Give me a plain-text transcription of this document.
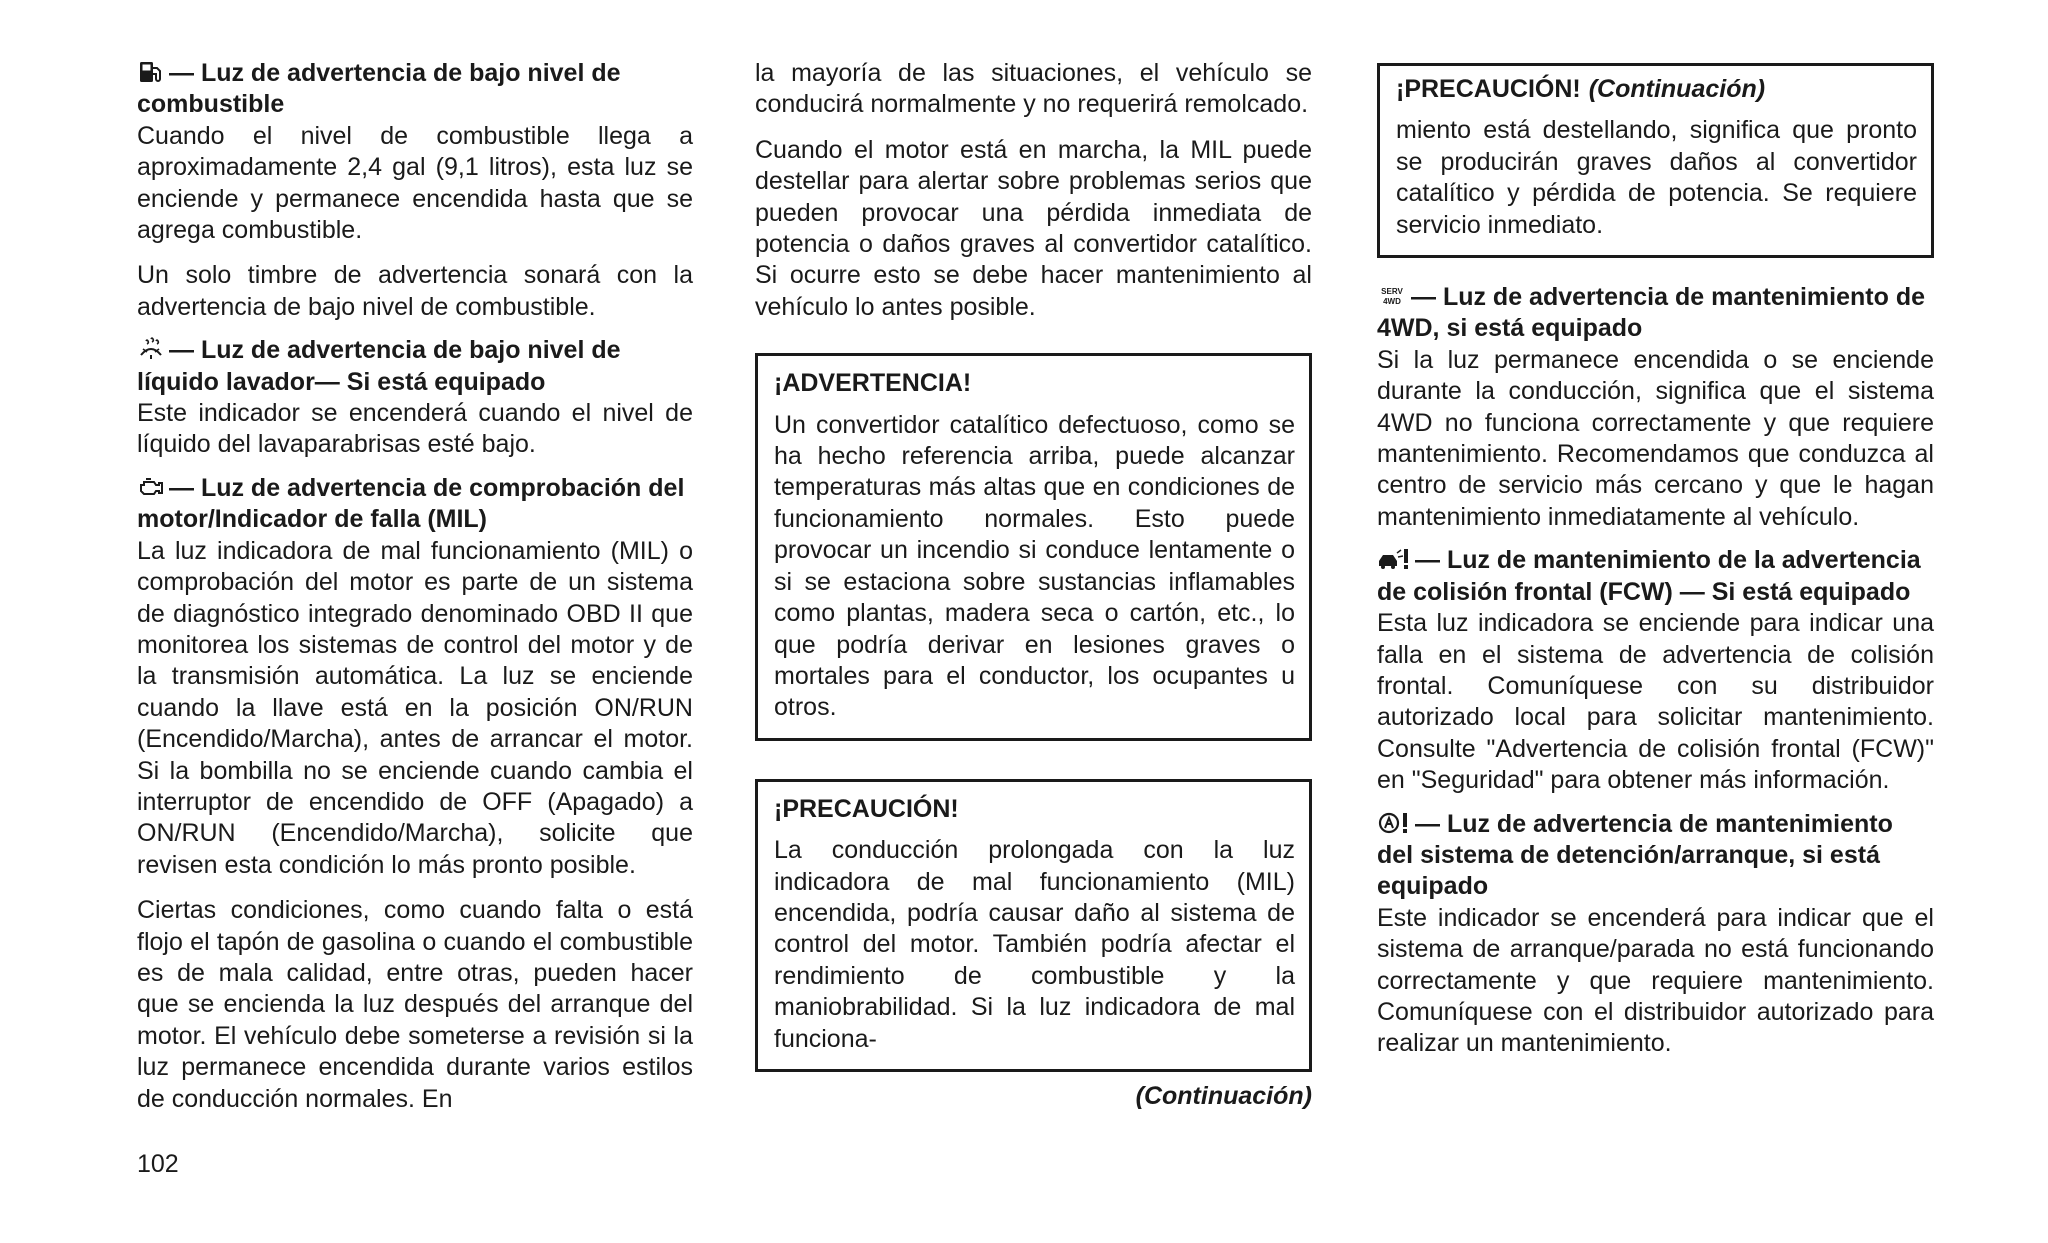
— Luz de advertencia de bajo nivel de combustible

Cuando el nivel de combustible llega a aproximadamente 2,4 gal (9,1 litros), esta luz se enciende y permanece encendida hasta que se agrega combustible.

Un solo timbre de advertencia sonará con la advertencia de bajo nivel de combustible.

— Luz de advertencia de bajo nivel de líquido lavador— Si está equipado

Este indicador se encenderá cuando el nivel de líquido del lavaparabrisas esté bajo.

— Luz de advertencia de comprobación del motor/Indicador de falla (MIL)

La luz indicadora de mal funcionamiento (MIL) o comprobación del motor es parte de un sistema de diagnóstico integrado denominado OBD II que monitorea los sistemas de control del motor y de la transmisión automática. La luz se enciende cuando la llave está en la posición ON/RUN (Encendido/Marcha), antes de arrancar el motor. Si la bombilla no se enciende cuando cambia el interruptor de encendido de OFF (Apagado) a ON/RUN (Encendido/Marcha), solicite que revisen esta condición lo más pronto posible.

Ciertas condiciones, como cuando falta o está flojo el tapón de gasolina o cuando el combustible es de mala calidad, entre otras, pueden hacer que se encienda la luz después del arranque del motor. El vehículo debe someterse a revisión si la luz permanece encendida durante varios estilos de conducción normales. En

la mayoría de las situaciones, el vehículo se conducirá normalmente y no requerirá remolcado.

Cuando el motor está en marcha, la MIL puede destellar para alertar sobre problemas serios que pueden provocar una pérdida inmediata de potencia o daños graves al convertidor catalítico. Si ocurre esto se debe hacer mantenimiento al vehículo lo antes posible.

¡ADVERTENCIA!

Un convertidor catalítico defectuoso, como se ha hecho referencia arriba, puede alcanzar temperaturas más altas que en condiciones de funcionamiento normales. Esto puede provocar un incendio si conduce lentamente o si se estaciona sobre sustancias inflamables como plantas, madera seca o cartón, etc., lo que podría derivar en lesiones graves o mortales para el conductor, los ocupantes u otros.

¡PRECAUCIÓN!

La conducción prolongada con la luz indicadora de mal funcionamiento (MIL) encendida, podría causar daño al sistema de control del motor. También podría afectar el rendimiento de combustible y la maniobrabilidad. Si la luz indicadora de mal funciona-

(Continuación)
¡PRECAUCIÓN! (Continuación)

miento está destellando, significa que pronto se producirán graves daños al convertidor catalítico y pérdida de potencia. Se requiere servicio inmediato.

SERV
4WD — Luz de advertencia de mantenimiento de 4WD, si está equipado

Si la luz permanece encendida o se enciende durante la conducción, significa que el sistema 4WD no funciona correctamente y que requiere mantenimiento. Recomendamos que conduzca al centro de servicio más cercano y que le hagan mantenimiento inmediatamente al vehículo.

— Luz de mantenimiento de la advertencia de colisión frontal (FCW) — Si está equipado

Esta luz indicadora se enciende para indicar una falla en el sistema de advertencia de colisión frontal. Comuníquese con su distribuidor autorizado local para solicitar mantenimiento. Consulte "Advertencia de colisión frontal (FCW)" en "Seguridad" para obtener más información.

— Luz de advertencia de mantenimiento del sistema de detención/arranque, si está equipado

Este indicador se encenderá para indicar que el sistema de arranque/parada no está funcionando correctamente y que requiere mantenimiento. Comuníquese con el distribuidor autorizado para realizar un mantenimiento.

102
